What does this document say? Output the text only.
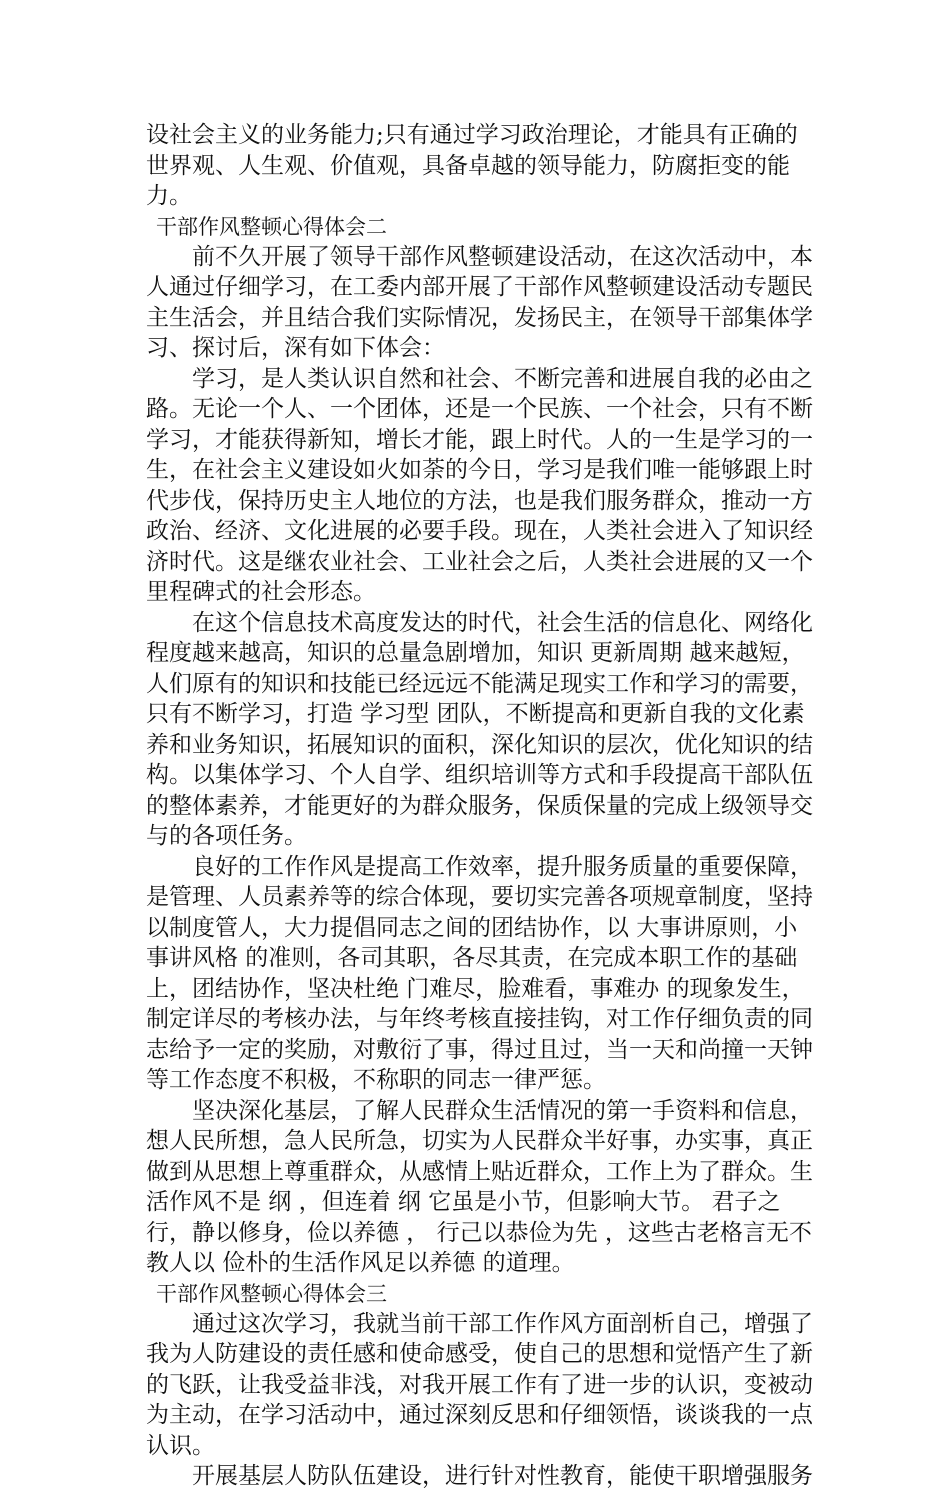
设社会主义的业务能力;只有通过学习政治理论，才能具有正确的世界观、人生观、价值观，具备卓越的领导能力，防腐拒变的能力。

干部作风整顿心得体会二

前不久开展了领导干部作风整顿建设活动，在这次活动中，本人通过仔细学习，在工委内部开展了干部作风整顿建设活动专题民主生活会，并且结合我们实际情况，发扬民主，在领导干部集体学习、探讨后，深有如下体会：

学习，是人类认识自然和社会、不断完善和进展自我的必由之路。无论一个人、一个团体，还是一个民族、一个社会，只有不断学习，才能获得新知，增长才能，跟上时代。人的一生是学习的一生，在社会主义建设如火如荼的今日，学习是我们唯一能够跟上时代步伐，保持历史主人地位的方法，也是我们服务群众，推动一方政治、经济、文化进展的必要手段。现在，人类社会进入了知识经济时代。这是继农业社会、工业社会之后，人类社会进展的又一个里程碑式的社会形态。

在这个信息技术高度发达的时代，社会生活的信息化、网络化程度越来越高，知识的总量急剧增加，知识 更新周期 越来越短，人们原有的知识和技能已经远远不能满足现实工作和学习的需要，只有不断学习，打造 学习型 团队，不断提高和更新自我的文化素养和业务知识，拓展知识的面积，深化知识的层次，优化知识的结构。以集体学习、个人自学、组织培训等方式和手段提高干部队伍的整体素养，才能更好的为群众服务，保质保量的完成上级领导交与的各项任务。

良好的工作作风是提高工作效率，提升服务质量的重要保障，是管理、人员素养等的综合体现，要切实完善各项规章制度，坚持以制度管人，大力提倡同志之间的团结协作，以 大事讲原则，小事讲风格 的准则，各司其职，各尽其责，在完成本职工作的基础上，团结协作，坚决杜绝 门难尽，脸难看，事难办 的现象发生，制定详尽的考核办法，与年终考核直接挂钩，对工作仔细负责的同志给予一定的奖励，对敷衍了事，得过且过，当一天和尚撞一天钟等工作态度不积极，不称职的同志一律严惩。

坚决深化基层，了解人民群众生活情况的第一手资料和信息，想人民所想，急人民所急，切实为人民群众半好事，办实事，真正做到从思想上尊重群众，从感情上贴近群众，工作上为了群众。生活作风不是 纲 ，但连着 纲 它虽是小节，但影响大节。 君子之行，静以修身，俭以养德 ， 行己以恭俭为先 ，这些古老格言无不教人以 俭朴的生活作风足以养德 的道理。

干部作风整顿心得体会三

通过这次学习，我就当前干部工作作风方面剖析自己，增强了我为人防建设的责任感和使命感受，使自己的思想和觉悟产生了新的飞跃，让我受益非浅，对我开展工作有了进一步的认识，变被动为主动，在学习活动中，通过深刻反思和仔细领悟，谈谈我的一点认识。

开展基层人防队伍建设，进行针对性教育，能使干职增强服务
